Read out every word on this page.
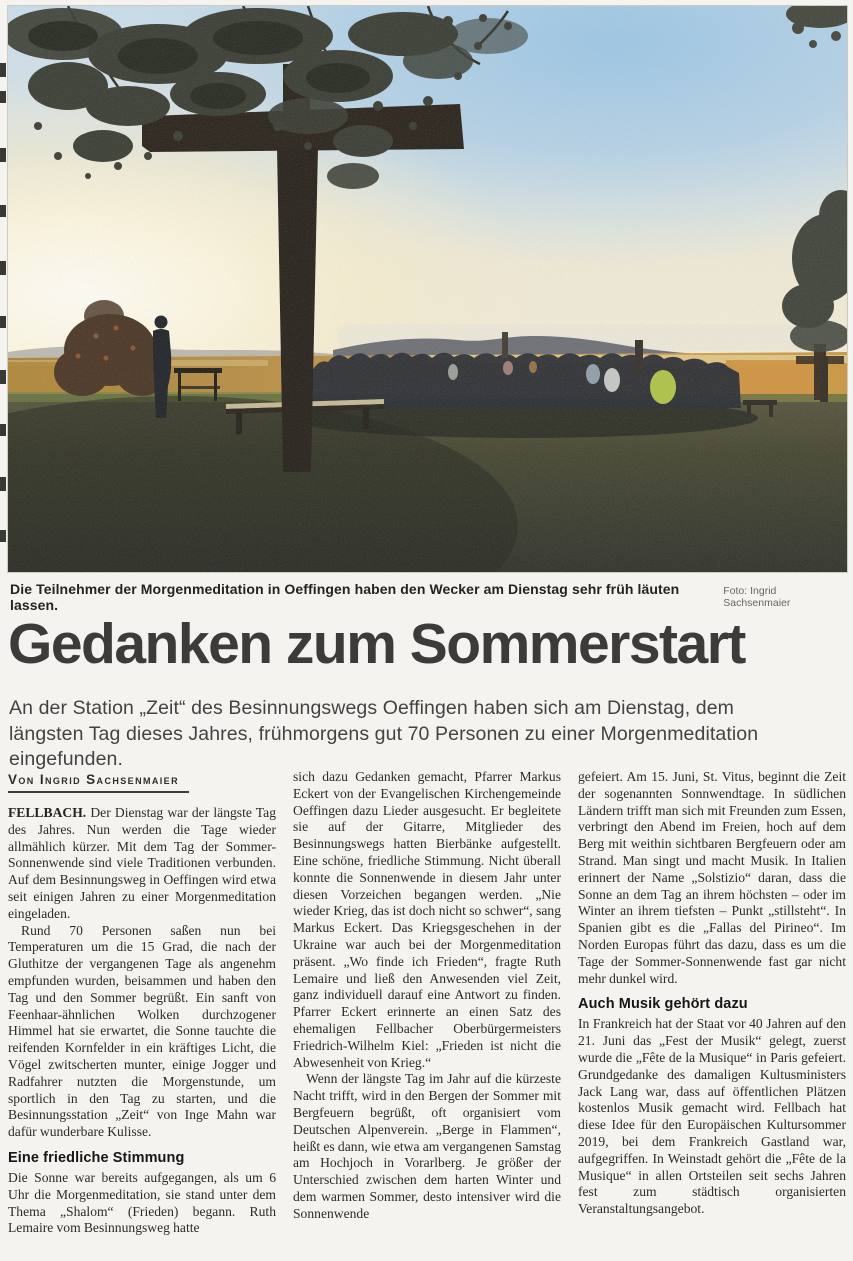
Die Teilnehmer der Morgenmeditation in Oeffingen haben den Wecker am Dienstag sehr früh läuten lassen.
Foto: Ingrid Sachsenmaier
Gedanken zum Sommerstart

An der Station „Zeit“ des Besinnungswegs Oeffingen haben sich am Dienstag, dem längsten Tag dieses Jahres, frühmorgens gut 70 Personen zu einer Morgenmeditation eingefunden.

Von Ingrid Sachsenmaier

FELLBACH. Der Dienstag war der längste Tag des Jahres. Nun werden die Tage wieder allmählich kürzer. Mit dem Tag der Sommer-Sonnenwende sind viele Traditionen verbunden. Auf dem Besinnungsweg in Oeffingen wird etwa seit einigen Jahren zu einer Morgenmeditation eingeladen.

Rund 70 Personen saßen nun bei Temperaturen um die 15 Grad, die nach der Gluthitze der vergangenen Tage als angenehm empfunden wurden, beisammen und haben den Tag und den Sommer begrüßt. Ein sanft von Feenhaar-ähnlichen Wolken durchzogener Himmel hat sie erwartet, die Sonne tauchte die reifenden Kornfelder in ein kräftiges Licht, die Vögel zwitscherten munter, einige Jogger und Radfahrer nutzten die Morgenstunde, um sportlich in den Tag zu starten, und die Besinnungsstation „Zeit“ von Inge Mahn war dafür wunderbare Kulisse.

Eine friedliche Stimmung

Die Sonne war bereits aufgegangen, als um 6 Uhr die Morgenmeditation, sie stand unter dem Thema „Shalom“ (Frieden) begann. Ruth Lemaire vom Besinnungsweg hatte

sich dazu Gedanken gemacht, Pfarrer Markus Eckert von der Evangelischen Kirchengemeinde Oeffingen dazu Lieder ausgesucht. Er begleitete sie auf der Gitarre, Mitglieder des Besinnungswegs hatten Bierbänke aufgestellt. Eine schöne, friedliche Stimmung. Nicht überall konnte die Sonnenwende in diesem Jahr unter diesen Vorzeichen begangen werden. „Nie wieder Krieg, das ist doch nicht so schwer“, sang Markus Eckert. Das Kriegsgeschehen in der Ukraine war auch bei der Morgenmeditation präsent. „Wo finde ich Frieden“, fragte Ruth Lemaire und ließ den Anwesenden viel Zeit, ganz individuell darauf eine Antwort zu finden. Pfarrer Eckert erinnerte an einen Satz des ehemaligen Fellbacher Oberbürgermeisters Friedrich-Wilhelm Kiel: „Frieden ist nicht die Abwesenheit von Krieg.“

Wenn der längste Tag im Jahr auf die kürzeste Nacht trifft, wird in den Bergen der Sommer mit Bergfeuern begrüßt, oft organisiert vom Deutschen Alpenverein. „Berge in Flammen“, heißt es dann, wie etwa am vergangenen Samstag am Hochjoch in Vorarlberg. Je größer der Unterschied zwischen dem harten Winter und dem warmen Sommer, desto intensiver wird die Sonnenwende

gefeiert. Am 15. Juni, St. Vitus, beginnt die Zeit der sogenannten Sonnwendtage. In südlichen Ländern trifft man sich mit Freunden zum Essen, verbringt den Abend im Freien, hoch auf dem Berg mit weithin sichtbaren Bergfeuern oder am Strand. Man singt und macht Musik. In Italien erinnert der Name „Solstizio“ daran, dass die Sonne an dem Tag an ihrem höchsten – oder im Winter an ihrem tiefsten – Punkt „stillsteht“. In Spanien gibt es die „Fallas del Pirineo“. Im Norden Europas führt das dazu, dass es um die Tage der Sommer-Sonnenwende fast gar nicht mehr dunkel wird.

Auch Musik gehört dazu

In Frankreich hat der Staat vor 40 Jahren auf den 21. Juni das „Fest der Musik“ gelegt, zuerst wurde die „Fête de la Musique“ in Paris gefeiert. Grundgedanke des damaligen Kultusministers Jack Lang war, dass auf öffentlichen Plätzen kostenlos Musik gemacht wird. Fellbach hat diese Idee für den Europäischen Kultursommer 2019, bei dem Frankreich Gastland war, aufgegriffen. In Weinstadt gehört die „Fête de la Musique“ in allen Ortsteilen seit sechs Jahren fest zum städtisch organisierten Veranstaltungsangebot.
